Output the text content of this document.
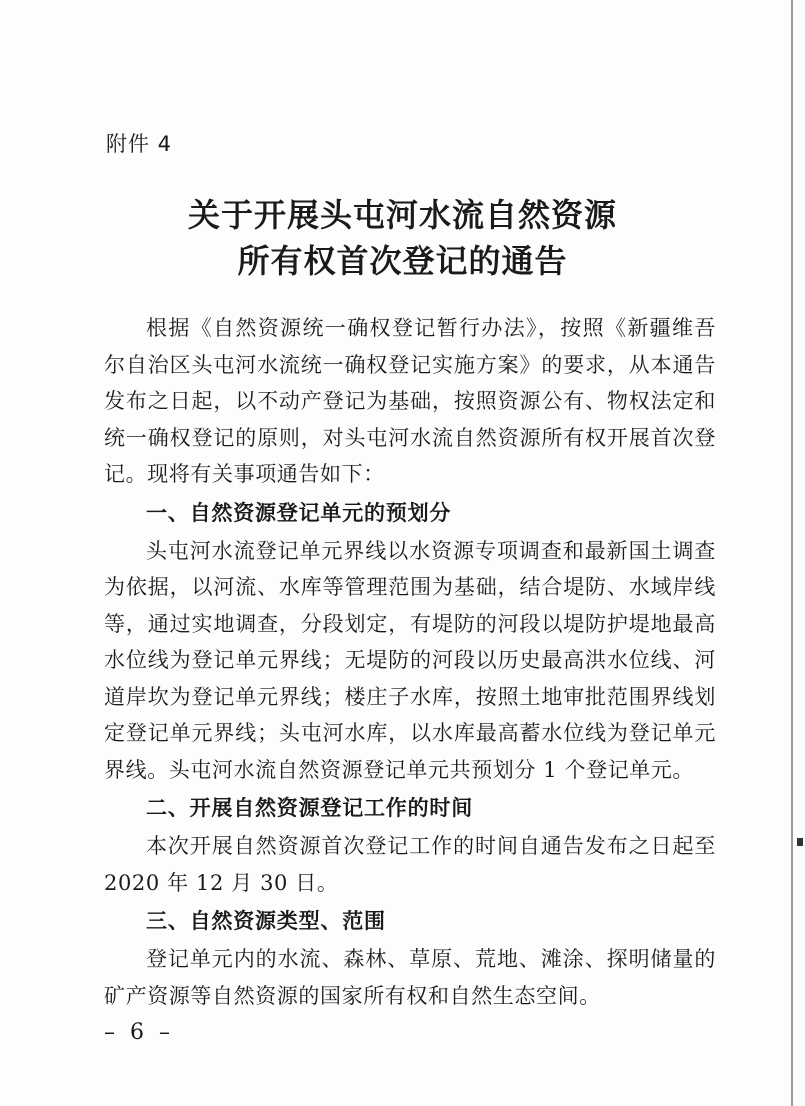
附件 4
关于开展头屯河水流自然资源
所有权首次登记的通告

根据《自然资源统一确权登记暂行办法》，按照《新疆维吾尔自治区头屯河水流统一确权登记实施方案》的要求，从本通告发布之日起，以不动产登记为基础，按照资源公有、物权法定和统一确权登记的原则，对头屯河水流自然资源所有权开展首次登记。现将有关事项通告如下：

一、自然资源登记单元的预划分

头屯河水流登记单元界线以水资源专项调查和最新国土调查为依据，以河流、水库等管理范围为基础，结合堤防、水域岸线等，通过实地调查，分段划定，有堤防的河段以堤防护堤地最高水位线为登记单元界线；无堤防的河段以历史最高洪水位线、河道岸坎为登记单元界线；楼庄子水库，按照土地审批范围界线划定登记单元界线；头屯河水库，以水库最高蓄水位线为登记单元界线。头屯河水流自然资源登记单元共预划分 1 个登记单元。

二、开展自然资源登记工作的时间

本次开展自然资源首次登记工作的时间自通告发布之日起至 2020 年 12 月 30 日。

三、自然资源类型、范围

登记单元内的水流、森林、草原、荒地、滩涂、探明储量的矿产资源等自然资源的国家所有权和自然生态空间。

– 6 –
